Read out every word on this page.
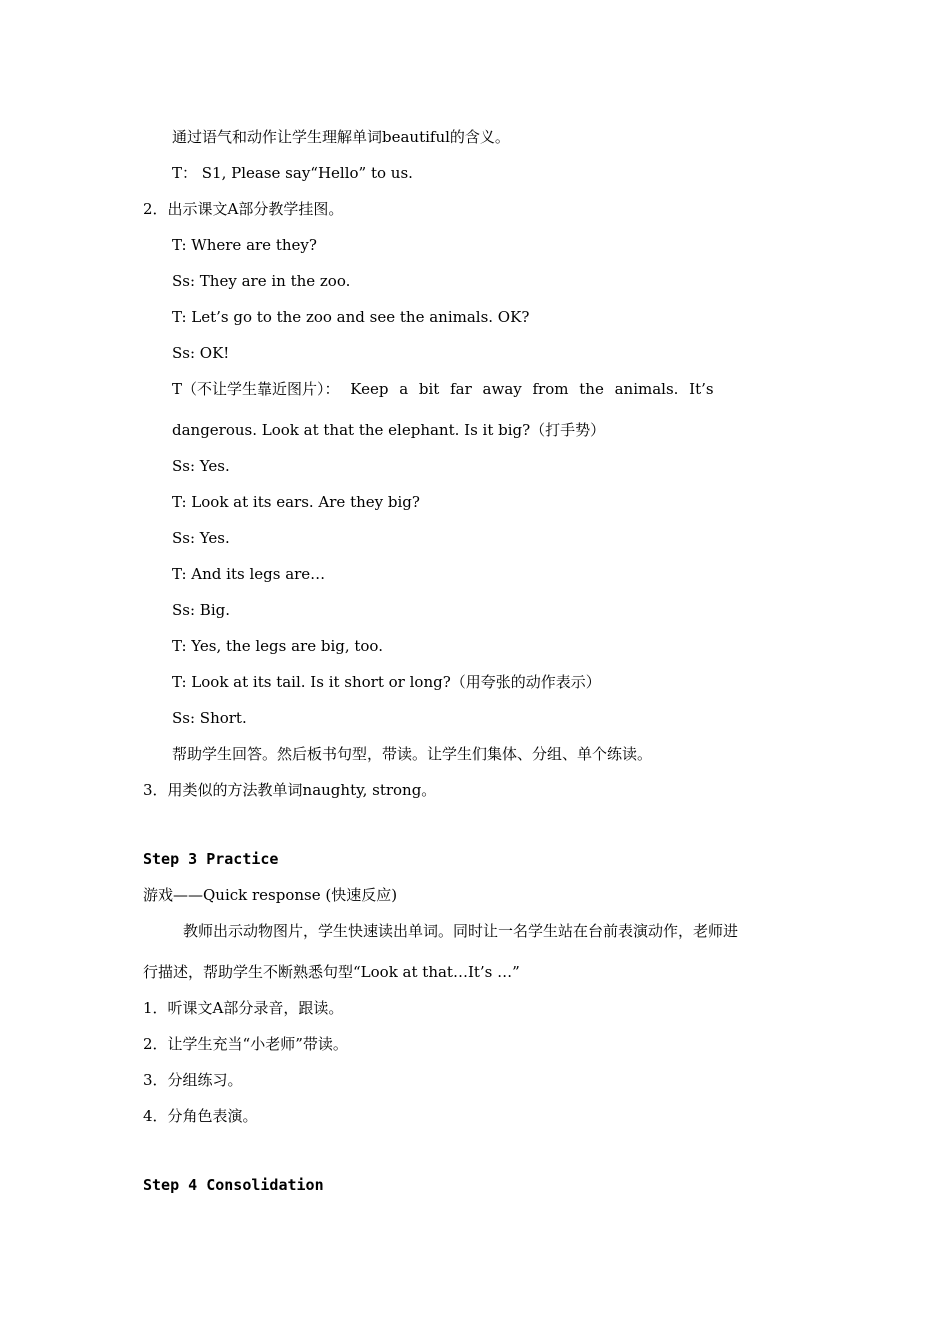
通过语气和动作让学生理解单词beautiful的含义。

T： S1, Please say“Hello” to us.

2．出示课文A部分教学挂图。

T: Where are they?

Ss: They are in the zoo.

T: Let’s go to the zoo and see the animals. OK?

Ss: OK!

T（不让学生靠近图片）： Keep a bit far away from the animals. It’s

dangerous. Look at that the elephant. Is it big?（打手势）

Ss: Yes.

T: Look at its ears. Are they big?

Ss: Yes.

T: And its legs are…

Ss: Big.

T: Yes, the legs are big, too.

T: Look at its tail. Is it short or long?（用夸张的动作表示）

Ss: Short.

帮助学生回答。然后板书句型，带读。让学生们集体、分组、单个练读。

3．用类似的方法教单词naughty, strong。

Step 3 Practice

游戏——Quick response (快速反应)

教师出示动物图片，学生快速读出单词。同时让一名学生站在台前表演动作，老师进

行描述，帮助学生不断熟悉句型“Look at that…It’s …”

1．听课文A部分录音，跟读。

2．让学生充当“小老师”带读。

3．分组练习。

4．分角色表演。

Step 4 Consolidation
